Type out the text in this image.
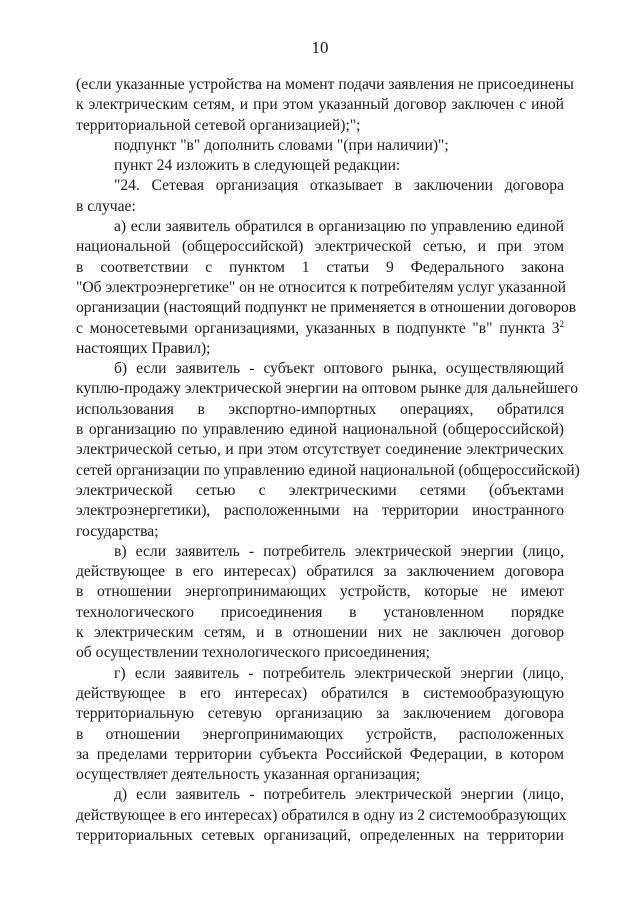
10
(если указанные устройства на момент подачи заявления не присоединены
к электрическим сетям, и при этом указанный договор заключен с иной
территориальной сетевой организацией);";
подпункт "в" дополнить словами "(при наличии)";
пункт 24 изложить в следующей редакции:
"24. Сетевая организация отказывает в заключении договора
в случае:
а) если заявитель обратился в организацию по управлению единой
национальной (общероссийской) электрической сетью, и при этом
в соответствии с пунктом 1 статьи 9 Федерального закона
"Об электроэнергетике" он не относится к потребителям услуг указанной
организации (настоящий подпункт не применяется в отношении договоров
с моносетевыми организациями, указанных в подпункте "в" пункта $3^2$
настоящих Правил);
б) если заявитель - субъект оптового рынка, осуществляющий
куплю-продажу электрической энергии на оптовом рынке для дальнейшего
использования в экспортно-импортных операциях, обратился
в организацию по управлению единой национальной (общероссийской)
электрической сетью, и при этом отсутствует соединение электрических
сетей организации по управлению единой национальной (общероссийской)
электрической сетью с электрическими сетями (объектами
электроэнергетики), расположенными на территории иностранного
государства;
в) если заявитель - потребитель электрической энергии (лицо,
действующее в его интересах) обратился за заключением договора
в отношении энергопринимающих устройств, которые не имеют
технологического присоединения в установленном порядке
к электрическим сетям, и в отношении них не заключен договор
об осуществлении технологического присоединения;
г) если заявитель - потребитель электрической энергии (лицо,
действующее в его интересах) обратился в системообразующую
территориальную сетевую организацию за заключением договора
в отношении энергопринимающих устройств, расположенных
за пределами территории субъекта Российской Федерации, в котором
осуществляет деятельность указанная организация;
д) если заявитель - потребитель электрической энергии (лицо,
действующее в его интересах) обратился в одну из 2 системообразующих
территориальных сетевых организаций, определенных на территории
